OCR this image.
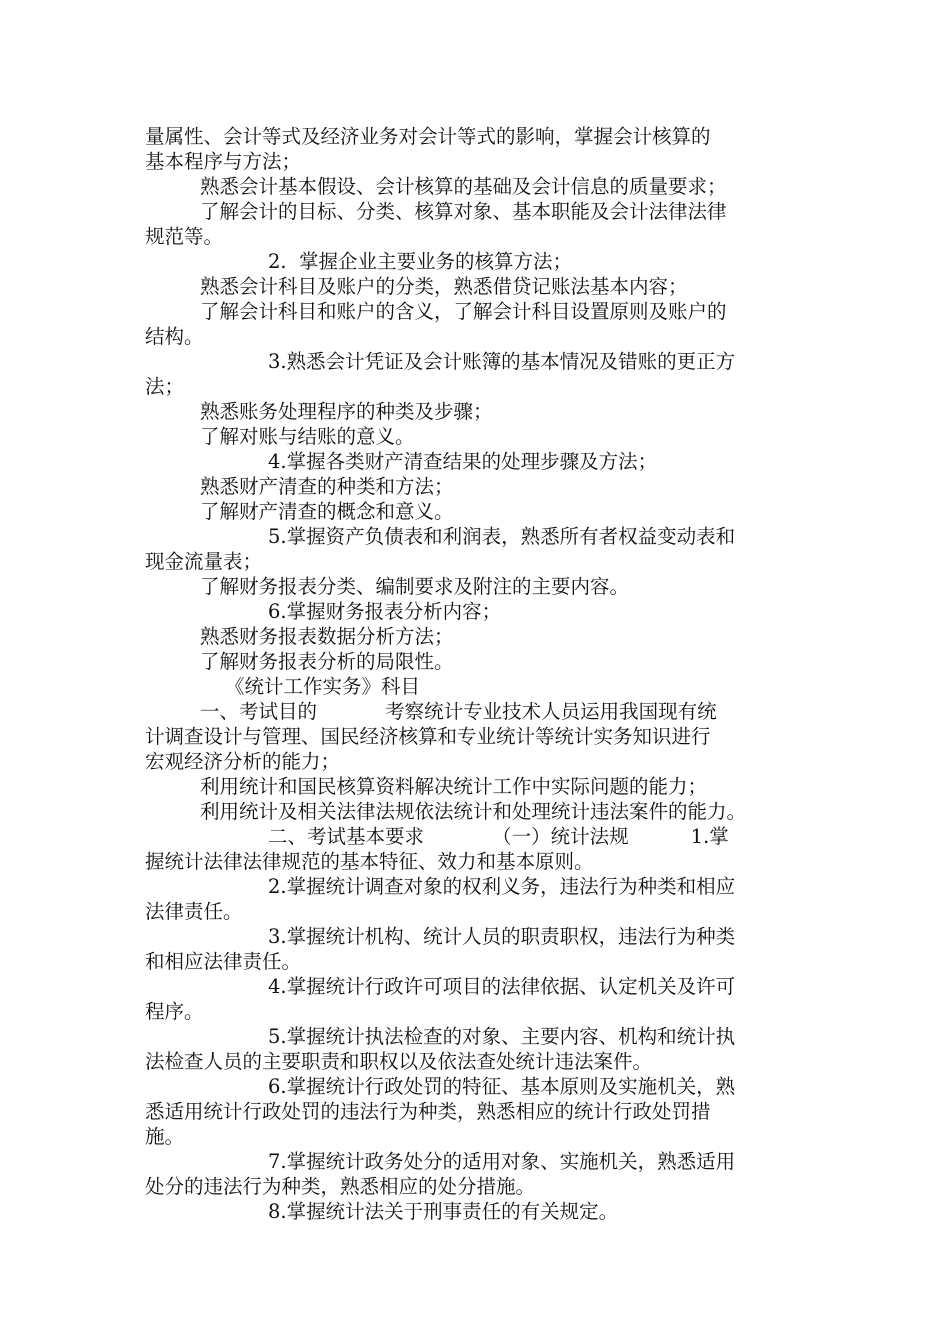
量属性、会计等式及经济业务对会计等式的影响，掌握会计核算的
基本程序与方法；
熟悉会计基本假设、会计核算的基础及会计信息的质量要求；
了解会计的目标、分类、核算对象、基本职能及会计法律法律
规范等。
2.  掌握企业主要业务的核算方法；
熟悉会计科目及账户的分类，熟悉借贷记账法基本内容；
了解会计科目和账户的含义，了解会计科目设置原则及账户的
结构。
3.熟悉会计凭证及会计账簿的基本情况及错账的更正方
法；
熟悉账务处理程序的种类及步骤；
了解对账与结账的意义。
4.掌握各类财产清查结果的处理步骤及方法；
熟悉财产清查的种类和方法；
了解财产清查的概念和意义。
5.掌握资产负债表和利润表，熟悉所有者权益变动表和
现金流量表；
了解财务报表分类、编制要求及附注的主要内容。
6.掌握财务报表分析内容；
熟悉财务报表数据分析方法；
了解财务报表分析的局限性。
《统计工作实务》科目
一、考试目的           考察统计专业技术人员运用我国现有统
计调查设计与管理、国民经济核算和专业统计等统计实务知识进行
宏观经济分析的能力；
利用统计和国民核算资料解决统计工作中实际问题的能力；
利用统计及相关法律法规依法统计和处理统计违法案件的能力。
二、考试基本要求           （一）统计法规          1.掌
握统计法律法律规范的基本特征、效力和基本原则。
2.掌握统计调查对象的权利义务，违法行为种类和相应
法律责任。
3.掌握统计机构、统计人员的职责职权，违法行为种类
和相应法律责任。
4.掌握统计行政许可项目的法律依据、认定机关及许可
程序。
5.掌握统计执法检查的对象、主要内容、机构和统计执
法检查人员的主要职责和职权以及依法查处统计违法案件。
6.掌握统计行政处罚的特征、基本原则及实施机关，熟
悉适用统计行政处罚的违法行为种类，熟悉相应的统计行政处罚措
施。
7.掌握统计政务处分的适用对象、实施机关，熟悉适用
处分的违法行为种类，熟悉相应的处分措施。
8.掌握统计法关于刑事责任的有关规定。
